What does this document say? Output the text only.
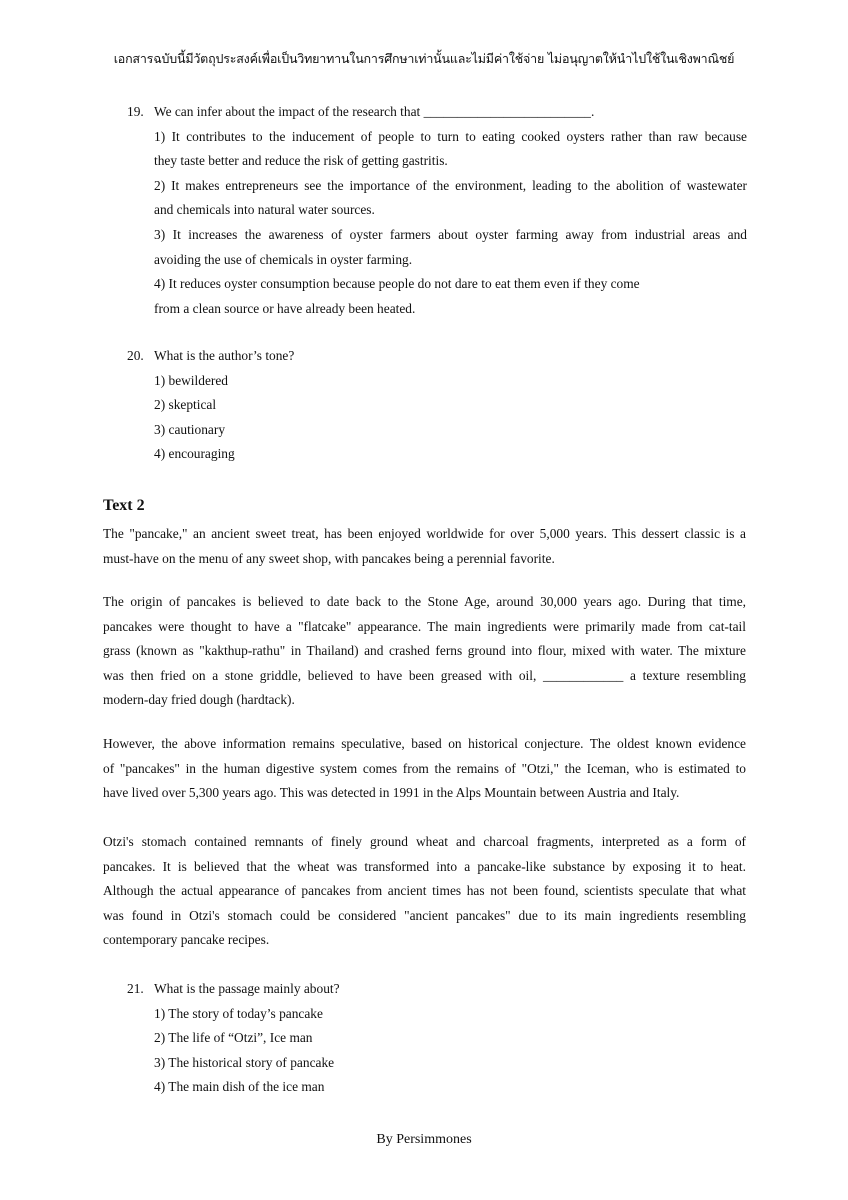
เอกสารฉบับนี้มีวัตถุประสงค์เพื่อเป็นวิทยาทานในการศึกษาเท่านั้นและไม่มีค่าใช้จ่าย ไม่อนุญาตให้นำไปใช้ในเชิงพาณิชย์
19. We can infer about the impact of the research that _________________________.
1) It contributes to the inducement of people to turn to eating cooked oysters rather than raw because
they taste better and reduce the risk of getting gastritis.
2) It makes entrepreneurs see the importance of the environment, leading to the abolition of wastewater
and chemicals into natural water sources.
3) It increases the awareness of oyster farmers about oyster farming away from industrial areas and
avoiding the use of chemicals in oyster farming.
4) It reduces oyster consumption because people do not dare to eat them even if they come
from a clean source or have already been heated.
20. What is the author’s tone?
1) bewildered
2) skeptical
3) cautionary
4) encouraging
Text 2
The "pancake," an ancient sweet treat, has been enjoyed worldwide for over 5,000 years. This dessert classic is a
must-have on the menu of any sweet shop, with pancakes being a perennial favorite.
The origin of pancakes is believed to date back to the Stone Age, around 30,000 years ago. During that time,
pancakes were thought to have a "flatcake" appearance. The main ingredients were primarily made from cat-tail
grass (known as "kakthup-rathu" in Thailand) and crashed ferns ground into flour, mixed with water. The mixture
was then fried on a stone griddle, believed to have been greased with oil, ____________ a texture resembling
modern-day fried dough (hardtack).
However, the above information remains speculative, based on historical conjecture. The oldest known evidence
of "pancakes" in the human digestive system comes from the remains of "Otzi," the Iceman, who is estimated to
have lived over 5,300 years ago. This was detected in 1991 in the Alps Mountain between Austria and Italy.
Otzi's stomach contained remnants of finely ground wheat and charcoal fragments, interpreted as a form of
pancakes. It is believed that the wheat was transformed into a pancake-like substance by exposing it to heat.
Although the actual appearance of pancakes from ancient times has not been found, scientists speculate that what
was found in Otzi's stomach could be considered "ancient pancakes" due to its main ingredients resembling
contemporary pancake recipes.
21. What is the passage mainly about?
1) The story of today’s pancake
2) The life of “Otzi”, Ice man
3) The historical story of pancake
4) The main dish of the ice man
By Persimmones
